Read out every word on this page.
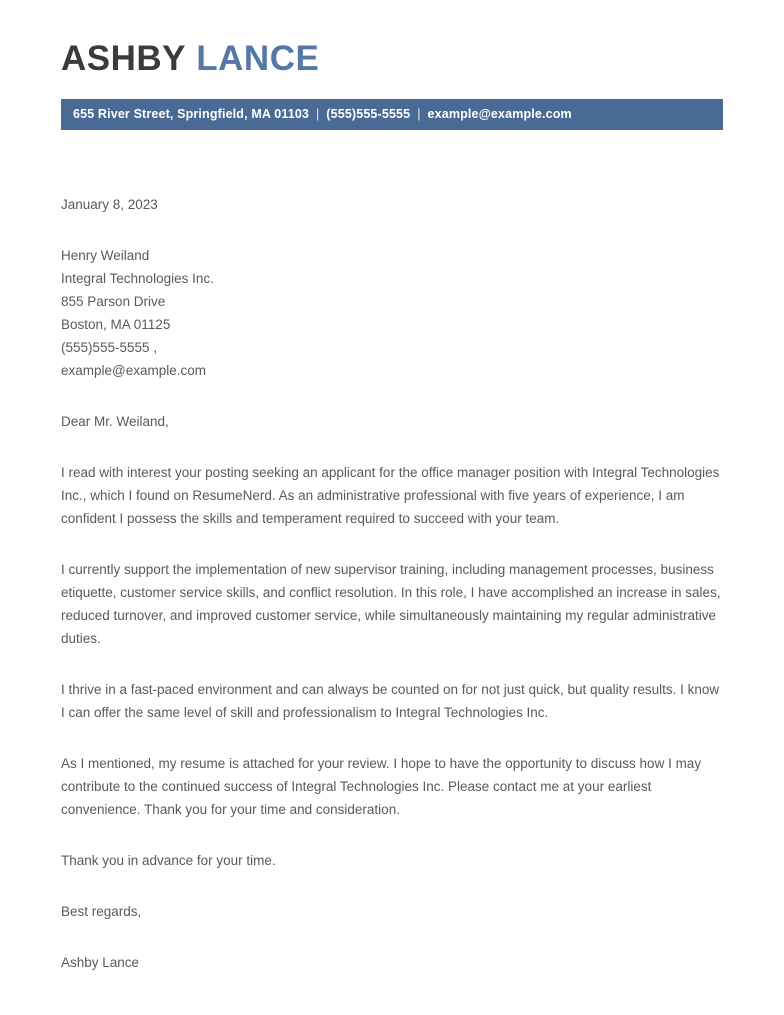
ASHBY LANCE
655 River Street, Springfield, MA 01103 | (555)555-5555 | example@example.com
January 8, 2023
Henry Weiland
Integral Technologies Inc.
855 Parson Drive
Boston, MA 01125
(555)555-5555 ,
example@example.com
Dear Mr. Weiland,
I read with interest your posting seeking an applicant for the office manager position with Integral Technologies Inc., which I found on ResumeNerd. As an administrative professional with five years of experience, I am confident I possess the skills and temperament required to succeed with your team.
I currently support the implementation of new supervisor training, including management processes, business etiquette, customer service skills, and conflict resolution. In this role, I have accomplished an increase in sales, reduced turnover, and improved customer service, while simultaneously maintaining my regular administrative duties.
I thrive in a fast-paced environment and can always be counted on for not just quick, but quality results. I know I can offer the same level of skill and professionalism to Integral Technologies Inc.
As I mentioned, my resume is attached for your review. I hope to have the opportunity to discuss how I may contribute to the continued success of Integral Technologies Inc. Please contact me at your earliest convenience. Thank you for your time and consideration.
Thank you in advance for your time.
Best regards,
Ashby Lance
